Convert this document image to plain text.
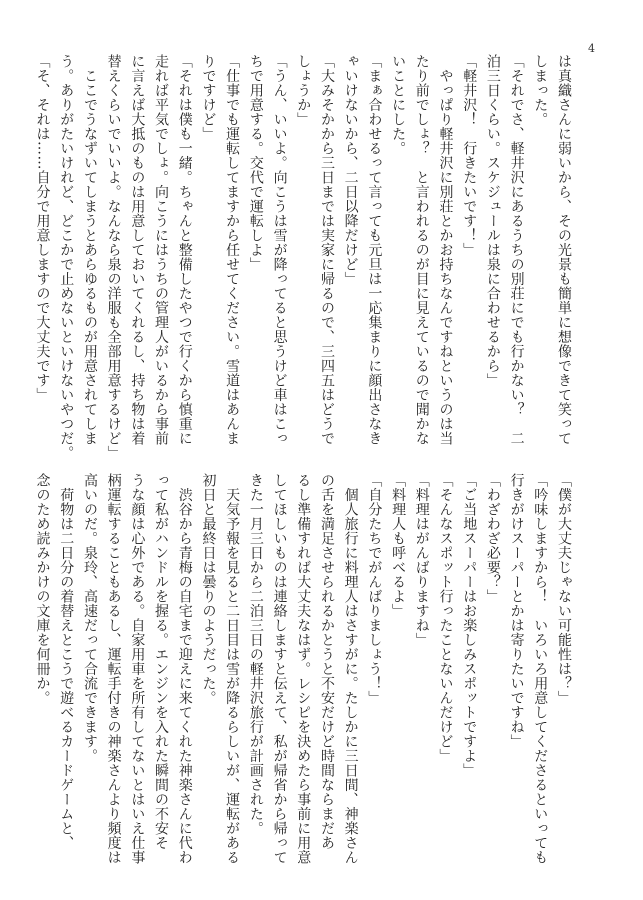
4
は真織さんに弱いから、その光景も簡単に想像できて笑って
しまった。
「それでさ、軽井沢にあるうちの別荘にでも行かない？　二
泊三日くらい。スケジュールは泉に合わせるから」
「軽井沢！　行きたいです！」
　やっぱり軽井沢に別荘とかお持ちなんですねというのは当
たり前でしょ？　と言われるのが目に見えているので聞かな
いことにした。
「まぁ合わせるって言っても元旦は一応集まりに顔出さなき
ゃいけないから、二日以降だけど」
「大みそかから三日までは実家に帰るので、三四五はどうで
しょうか」
「うん、いいよ。向こうは雪が降ってると思うけど車はこっ
ちで用意する。交代で運転しよ」
「仕事でも運転してますから任せてください。雪道はあんま
りですけど」
「それは僕も一緒。ちゃんと整備したやつで行くから慎重に
走れば平気でしょ。向こうにはうちの管理人がいるから事前
に言えば大抵のものは用意しておいてくれるし、持ち物は着
替えくらいでいいよ。なんなら泉の洋服も全部用意するけど」
　ここでうなずいてしまうとあらゆるものが用意されてしま
う。ありがたいけれど、どこかで止めないといけないやつだ。
「そ、それは……自分で用意しますので大丈夫です」
「僕が大丈夫じゃない可能性は？」
「吟味しますから！　いろいろ用意してくださるといっても
行きがけスーパーとかは寄りたいですね」
「わざわざ必要？」
「ご当地スーパーはお楽しみスポットですよ」
「そんなスポット行ったことないんだけど」
「料理はがんばりますね」
「料理人も呼べるよ」
「自分たちでがんばりましょう！」
　個人旅行に料理人はさすがに。たしかに三日間、神楽さん
の舌を満足させられるかとうと不安だけど時間ならまだあ
るし準備すれば大丈夫なはず。レシピを決めたら事前に用意
してほしいものは連絡しますと伝えて、私が帰省から帰って
きた一月三日から二泊三日の軽井沢旅行が計画された。
　天気予報を見ると二日目は雪が降るらしいが、運転がある
初日と最終日は曇りのようだった。
　渋谷から青梅の自宅まで迎えに来てくれた神楽さんに代わ
って私がハンドルを握る。エンジンを入れた瞬間の不安そ
うな顔は心外である。自家用車を所有してないとはいえ仕事
柄運転することもあるし、運転手付きの神楽さんより頻度は
高いのだ。泉玲、高速だって合流できます。
　荷物は二日分の着替えとこうで遊べるカードゲームと、
念のため読みかけの文庫を何冊か。
